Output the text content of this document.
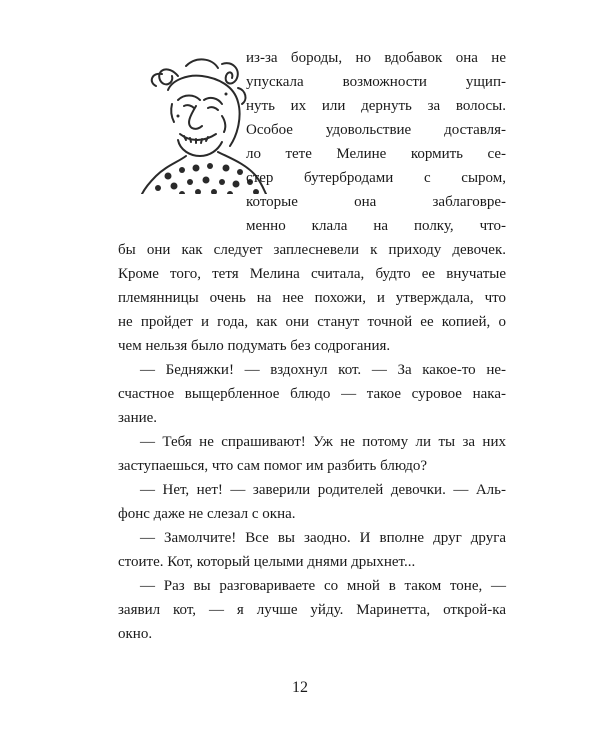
из-за бороды, но вдобавок она не
упускала возможности ущип-
нуть их или дернуть за волосы.
Особое удовольствие доставля-
ло тете Мелине кормить се-
стер бутербродами с сыром,
которые она заблаговре-
менно клала на полку, что-
бы они как следует заплесневели к приходу девочек.
Кроме того, тетя Мелина считала, будто ее внучатые
племянницы очень на нее похожи, и утверждала, что
не пройдет и года, как они станут точной ее копией, о
чем нельзя было подумать без содрогания.
— Бедняжки! — вздохнул кот. — За какое-то не-
счастное выщербленное блюдо — такое суровое нака-
зание.
— Тебя не спрашивают! Уж не потому ли ты за них
заступаешься, что сам помог им разбить блюдо?
— Нет, нет! — заверили родителей девочки. — Аль-
фонс даже не слезал с окна.
— Замолчите! Все вы заодно. И вполне друг друга
стоите. Кот, который целыми днями дрыхнет...
— Раз вы разговариваете со мной в таком тоне, —
заявил кот, — я лучше уйду. Маринетта, открой-ка
окно.
12
